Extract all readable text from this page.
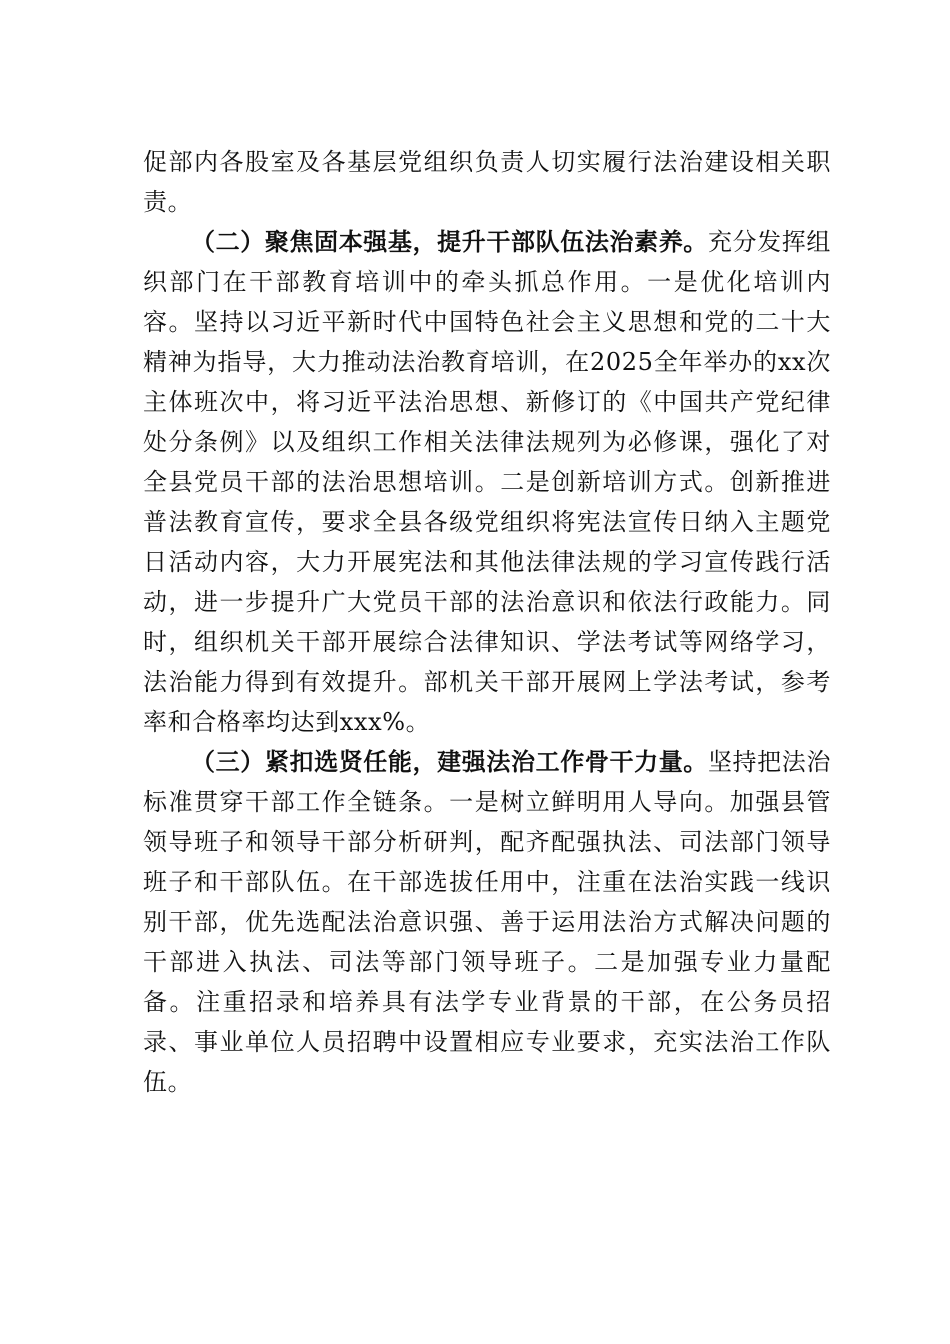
促部内各股室及各基层党组织负责人切实履行法治建设相关职责。

（二）聚焦固本强基，提升干部队伍法治素养。充分发挥组织部门在干部教育培训中的牵头抓总作用。一是优化培训内容。坚持以习近平新时代中国特色社会主义思想和党的二十大精神为指导，大力推动法治教育培训，在2025全年举办的xx次主体班次中，将习近平法治思想、新修订的《中国共产党纪律处分条例》以及组织工作相关法律法规列为必修课，强化了对全县党员干部的法治思想培训。二是创新培训方式。创新推进普法教育宣传，要求全县各级党组织将宪法宣传日纳入主题党日活动内容，大力开展宪法和其他法律法规的学习宣传践行活动，进一步提升广大党员干部的法治意识和依法行政能力。同时，组织机关干部开展综合法律知识、学法考试等网络学习，法治能力得到有效提升。部机关干部开展网上学法考试，参考率和合格率均达到xxx%。

（三）紧扣选贤任能，建强法治工作骨干力量。坚持把法治标准贯穿干部工作全链条。一是树立鲜明用人导向。加强县管领导班子和领导干部分析研判，配齐配强执法、司法部门领导班子和干部队伍。在干部选拔任用中，注重在法治实践一线识别干部，优先选配法治意识强、善于运用法治方式解决问题的干部进入执法、司法等部门领导班子。二是加强专业力量配备。注重招录和培养具有法学专业背景的干部，在公务员招录、事业单位人员招聘中设置相应专业要求，充实法治工作队伍。
